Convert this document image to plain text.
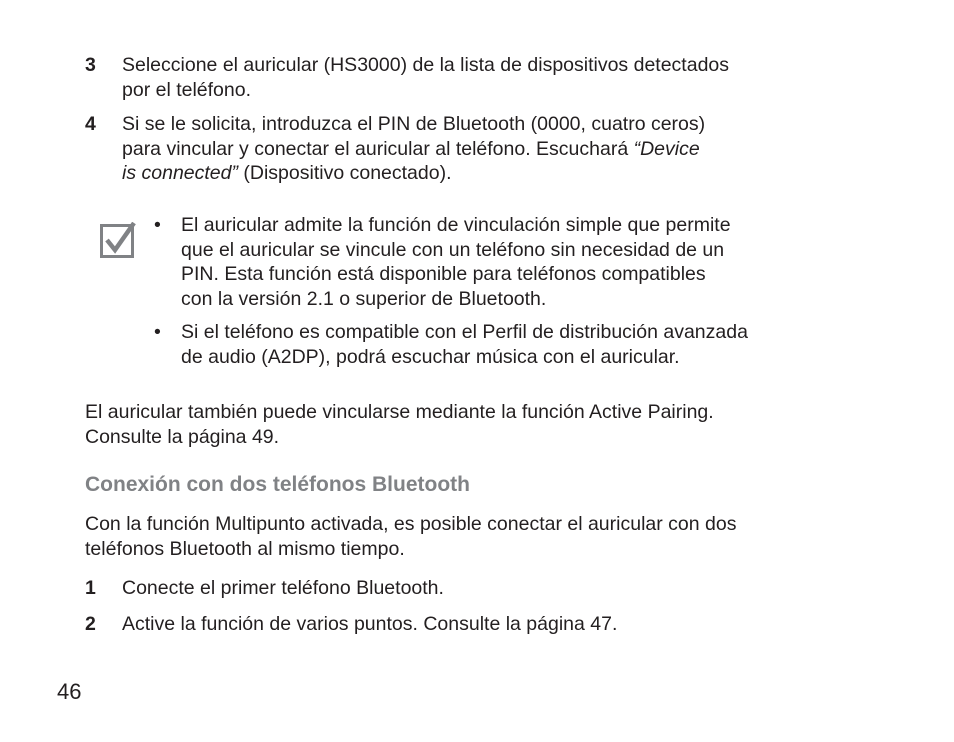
3 Seleccione el auricular (HS3000) de la lista de dispositivos detectados
por el teléfono.
4 Si se le solicita, introduzca el PIN de Bluetooth (0000, cuatro ceros)
para vincular y conectar el auricular al teléfono. Escuchará “Device
is connected” (Dispositivo conectado).
• El auricular admite la función de vinculación simple que permite
que el auricular se vincule con un teléfono sin necesidad de un
PIN. Esta función está disponible para teléfonos compatibles
con la versión 2.1 o superior de Bluetooth.
• Si el teléfono es compatible con el Perfil de distribución avanzada
de audio (A2DP), podrá escuchar música con el auricular.
El auricular también puede vincularse mediante la función Active Pairing.
Consulte la página 49.
Conexión con dos teléfonos Bluetooth
Con la función Multipunto activada, es posible conectar el auricular con dos
teléfonos Bluetooth al mismo tiempo.
1 Conecte el primer teléfono Bluetooth.
2 Active la función de varios puntos. Consulte la página 47.
46
